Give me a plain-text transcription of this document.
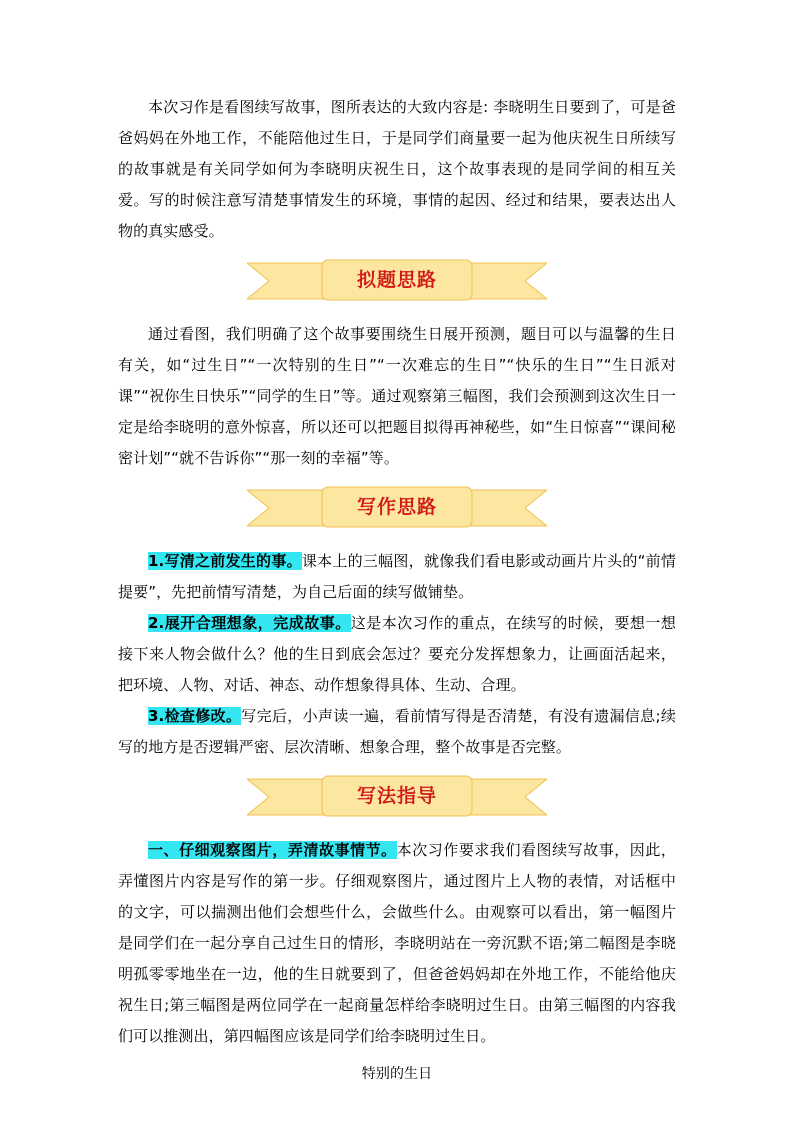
本次习作是看图续写故事，图所表达的大致内容是: 李晓明生日要到了，可是爸爸妈妈在外地工作，不能陪他过生日，于是同学们商量要一起为他庆祝生日所续写的故事就是有关同学如何为李晓明庆祝生日，这个故事表现的是同学间的相互关爱。写的时候注意写清楚事情发生的环境，事情的起因、经过和结果，要表达出人物的真实感受。

拟题思路

通过看图，我们明确了这个故事要围绕生日展开预测，题目可以与温馨的生日有关，如“过生日”“一次特别的生日”“一次难忘的生日”“快乐的生日”“生日派对课”“祝你生日快乐”“同学的生日”等。通过观察第三幅图，我们会预测到这次生日一定是给李晓明的意外惊喜，所以还可以把题目拟得再神秘些，如“生日惊喜”“课间秘密计划”“就不告诉你”“那一刻的幸福”等。

写作思路

1.写清之前发生的事。课本上的三幅图，就像我们看电影或动画片片头的“前情提要”，先把前情写清楚，为自己后面的续写做铺垫。

2.展开合理想象，完成故事。这是本次习作的重点，在续写的时候，要想一想接下来人物会做什么？他的生日到底会怎过？要充分发挥想象力，让画面活起来，把环境、人物、对话、神态、动作想象得具体、生动、合理。

3.检查修改。写完后，小声读一遍，看前情写得是否清楚，有没有遗漏信息;续写的地方是否逻辑严密、层次清晰、想象合理，整个故事是否完整。

写法指导

一、仔细观察图片，弄清故事情节。本次习作要求我们看图续写故事，因此，弄懂图片内容是写作的第一步。仔细观察图片，通过图片上人物的表情，对话框中的文字，可以揣测出他们会想些什么，会做些什么。由观察可以看出，第一幅图片是同学们在一起分享自己过生日的情形，李晓明站在一旁沉默不语;第二幅图是李晓明孤零零地坐在一边，他的生日就要到了，但爸爸妈妈却在外地工作，不能给他庆祝生日;第三幅图是两位同学在一起商量怎样给李晓明过生日。由第三幅图的内容我们可以推测出，第四幅图应该是同学们给李晓明过生日。

特别的生日
